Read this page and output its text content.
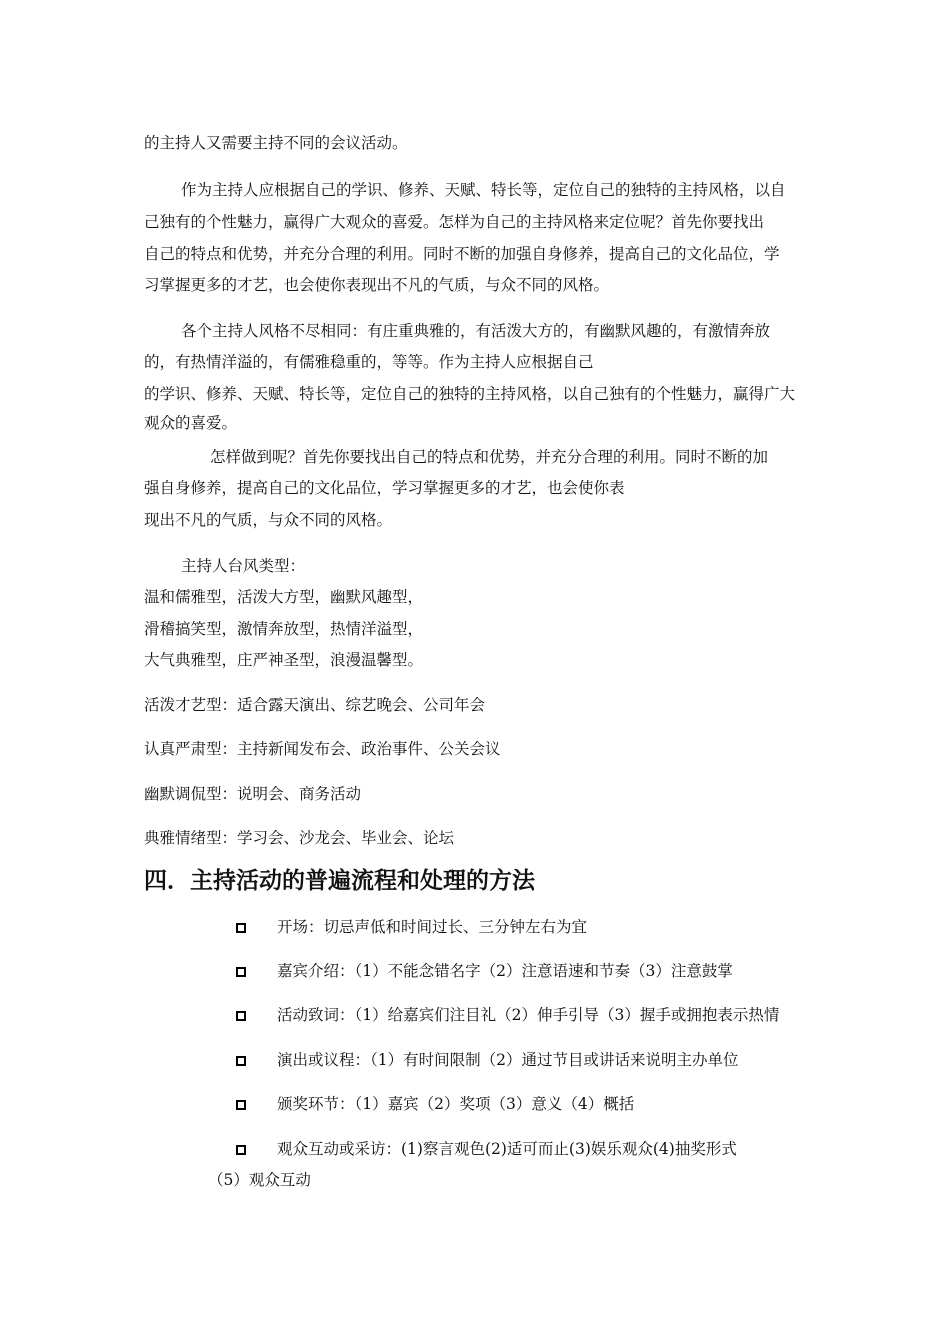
的主持人又需要主持不同的会议活动。
作为主持人应根据自己的学识、修养、天赋、特长等，定位自己的独特的主持风格，以自
己独有的个性魅力，赢得广大观众的喜爱。怎样为自己的主持风格来定位呢？首先你要找出
自己的特点和优势，并充分合理的利用。同时不断的加强自身修养，提高自己的文化品位，学
习掌握更多的才艺，也会使你表现出不凡的气质，与众不同的风格。
各个主持人风格不尽相同：有庄重典雅的，有活泼大方的，有幽默风趣的，有激情奔放
的，有热情洋溢的，有儒雅稳重的，等等。作为主持人应根据自己
的学识、修养、天赋、特长等，定位自己的独特的主持风格，以自己独有的个性魅力，赢得广大
观众的喜爱。
怎样做到呢？首先你要找出自己的特点和优势，并充分合理的利用。同时不断的加
强自身修养，提高自己的文化品位，学习掌握更多的才艺，也会使你表
现出不凡的气质，与众不同的风格。
主持人台风类型：
温和儒雅型，活泼大方型，幽默风趣型，
滑稽搞笑型，激情奔放型，热情洋溢型，
大气典雅型，庄严神圣型，浪漫温馨型。
活泼才艺型：适合露天演出、综艺晚会、公司年会
认真严肃型：主持新闻发布会、政治事件、公关会议
幽默调侃型：说明会、商务活动
典雅情绪型：学习会、沙龙会、毕业会、论坛
四．主持活动的普遍流程和处理的方法
开场：切忌声低和时间过长、三分钟左右为宜
嘉宾介绍：（1）不能念错名字（2）注意语速和节奏（3）注意鼓掌
活动致词：（1）给嘉宾们注目礼（2）伸手引导（3）握手或拥抱表示热情
演出或议程：（1）有时间限制（2）通过节目或讲话来说明主办单位
颁奖环节：（1）嘉宾（2）奖项（3）意义（4）概括
观众互动或采访：(1)察言观色(2)适可而止(3)娱乐观众(4)抽奖形式
（5）观众互动
